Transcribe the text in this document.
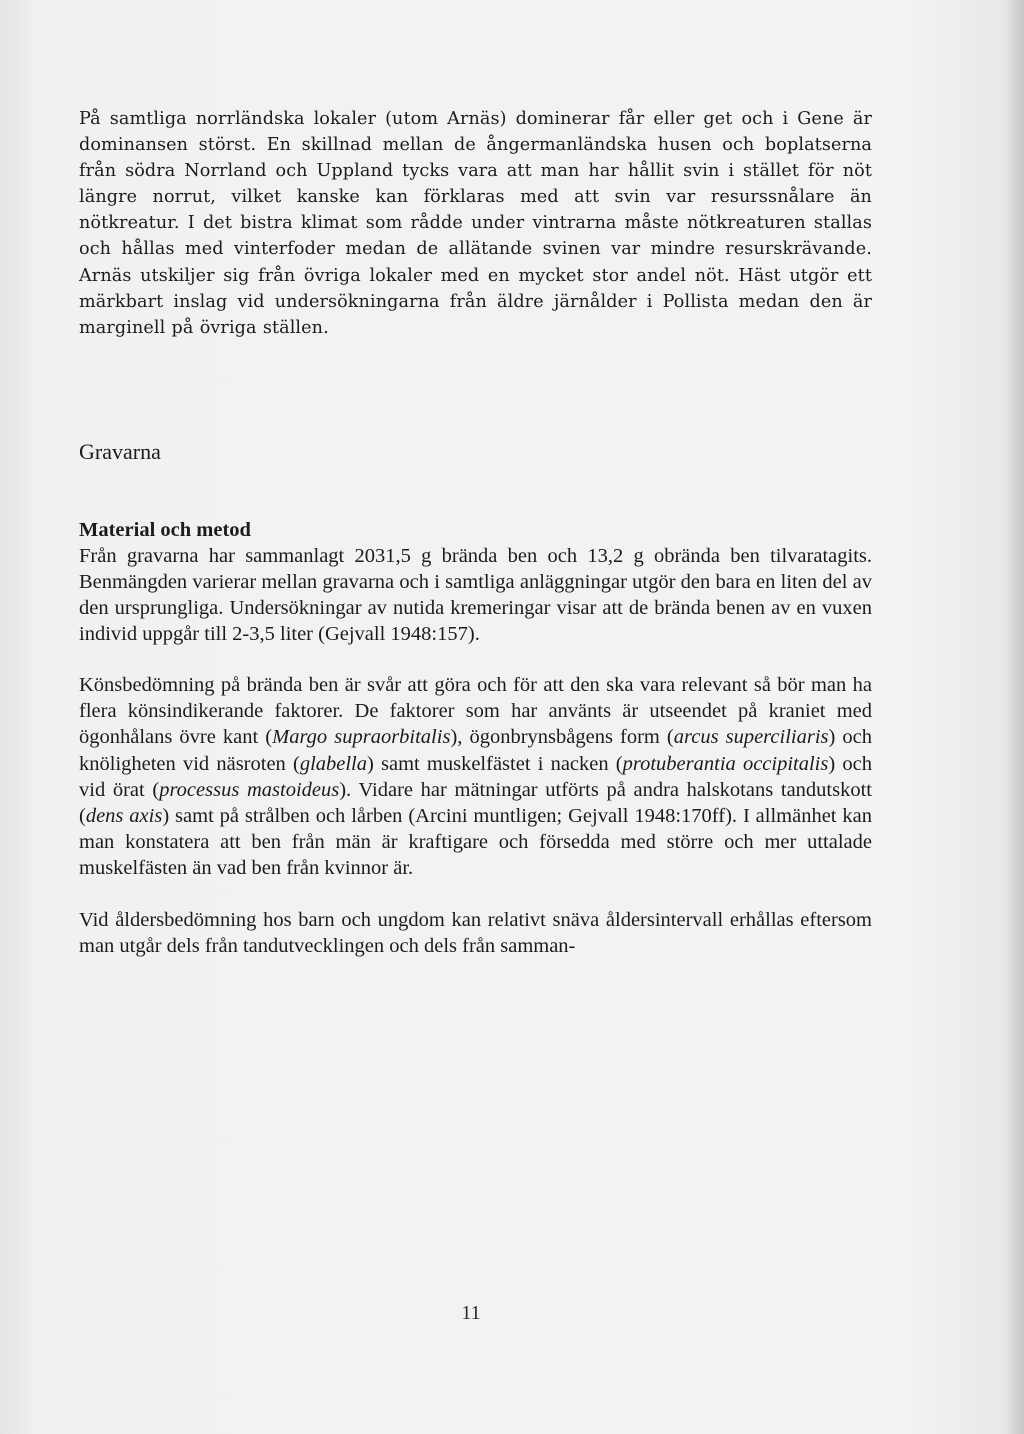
På samtliga norrländska lokaler (utom Arnäs) dominerar får eller get och i Gene är dominansen störst. En skillnad mellan de ångermanländska husen och boplatserna från södra Norrland och Uppland tycks vara att man har hållit svin i stället för nöt längre norrut, vilket kanske kan förklaras med att svin var resurssnålare än nötkreatur. I det bistra klimat som rådde under vintrarna måste nötkreaturen stallas och hållas med vinterfoder medan de allätande svinen var mindre resurskrävande. Arnäs utskiljer sig från övriga lokaler med en mycket stor andel nöt. Häst utgör ett märkbart inslag vid undersökningarna från äldre järnålder i Pollista medan den är marginell på övriga ställen.

Gravarna

Material och metod

Från gravarna har sammanlagt 2031,5 g brända ben och 13,2 g obrända ben tilvaratagits. Benmängden varierar mellan gravarna och i samtliga anläggningar utgör den bara en liten del av den ursprungliga. Undersökningar av nutida kremeringar visar att de brända benen av en vuxen individ uppgår till 2-3,5 liter (Gejvall 1948:157).

Könsbedömning på brända ben är svår att göra och för att den ska vara relevant så bör man ha flera könsindikerande faktorer. De faktorer som har använts är utseendet på kraniet med ögonhålans övre kant (Margo supraorbitalis), ögonbrynsbågens form (arcus superciliaris) och knöligheten vid näsroten (glabella) samt muskelfästet i nacken (protuberantia occipitalis) och vid örat (processus mastoideus). Vidare har mätningar utförts på andra halskotans tandutskott (dens axis) samt på strålben och lårben (Arcini muntligen; Gejvall 1948:170ff). I allmänhet kan man konstatera att ben från män är kraftigare och försedda med större och mer uttalade muskelfästen än vad ben från kvinnor är.

Vid åldersbedömning hos barn och ungdom kan relativt snäva åldersintervall erhållas eftersom man utgår dels från tandutvecklingen och dels från samman-

11
